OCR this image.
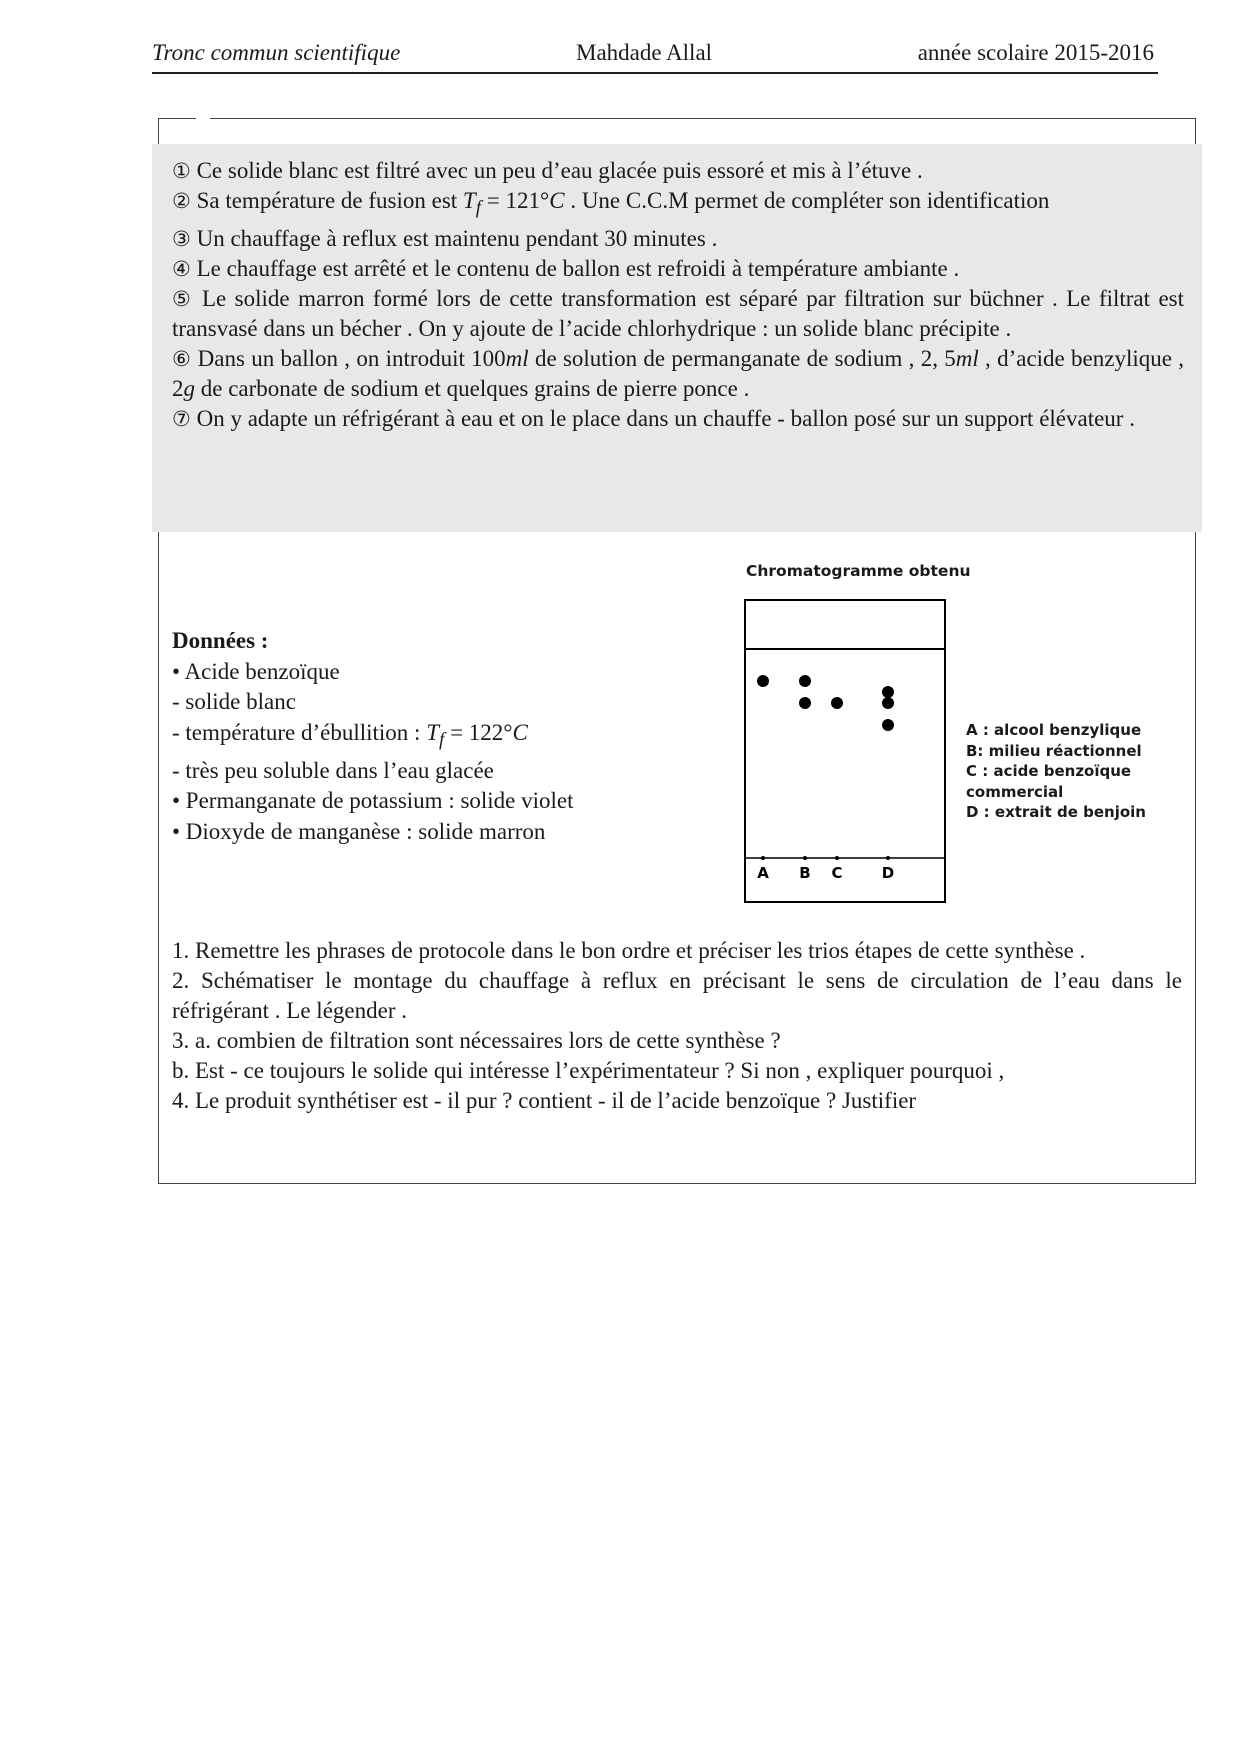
Tronc commun scientifique	Mahdade Allal	année scolaire 2015-2016

① Ce solide blanc est filtré avec un peu d’eau glacée puis essoré et mis à l’étuve .

② Sa température de fusion est $T_f = 121^\circ C$ . Une C.C.M permet de compléter son identification

③ Un chauffage à reflux est maintenu pendant 30 minutes .

④ Le chauffage est arrêté et le contenu de ballon est refroidi à température ambiante .

⑤ Le solide marron formé lors de cette transformation est séparé par filtration sur büchner . Le filtrat est transvasé dans un bécher . On y ajoute de l’acide chlorhydrique : un solide blanc précipite .

⑥ Dans un ballon , on introduit 100ml de solution de permanganate de sodium , 2, 5ml , d’acide benzylique , 2g de carbonate de sodium et quelques grains de pierre ponce .

⑦ On y adapte un réfrigérant à eau et on le place dans un chauffe - ballon posé sur un support élévateur .

Données :
• Acide benzoïque
- solide blanc
- température d’ébullition : $T_f = 122^\circ C$
- très peu soluble dans l’eau glacée
• Permanganate de potassium : solide violet
• Dioxyde de manganèse : solide marron
Chromatogramme obtenu
A B C	D
A : alcool benzylique
B: milieu réactionnel
C : acide benzoïque
commercial
D : extrait de benjoin

1. Remettre les phrases de protocole dans le bon ordre et préciser les trios étapes de cette synthèse .

2. Schématiser le montage du chauffage à reflux en précisant le sens de circulation de l’eau dans le réfrigérant . Le légender .

3. a. combien de filtration sont nécessaires lors de cette synthèse ?

b. Est - ce toujours le solide qui intéresse l’expérimentateur ? Si non , expliquer pourquoi ,

4. Le produit synthétiser est - il pur ? contient - il de l’acide benzoïque ? Justifier
